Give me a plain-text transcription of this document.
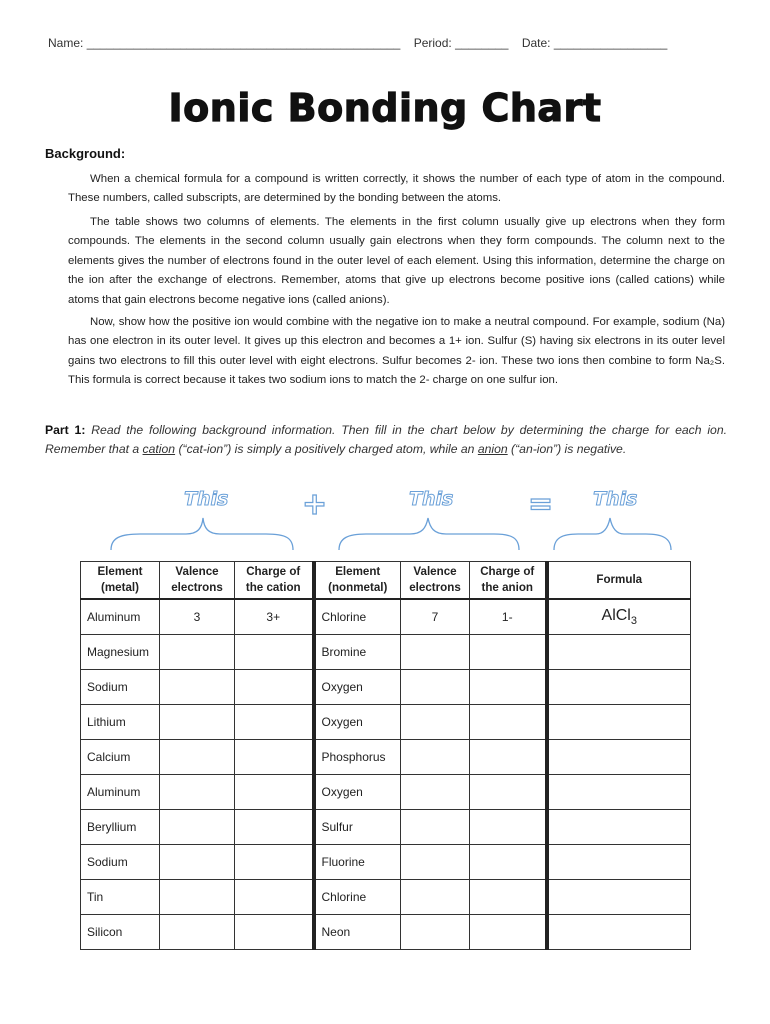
Name: _______________________________________________ Period: ________ Date: _________________
Ionic Bonding Chart
Background:
When a chemical formula for a compound is written correctly, it shows the number of each type of atom in the compound. These numbers, called subscripts, are determined by the bonding between the atoms.
The table shows two columns of elements. The elements in the first column usually give up electrons when they form compounds. The elements in the second column usually gain electrons when they form compounds. The column next to the elements gives the number of electrons found in the outer level of each element. Using this information, determine the charge on the ion after the exchange of electrons. Remember, atoms that give up electrons become positive ions (called cations) while atoms that gain electrons become negative ions (called anions).
Now, show how the positive ion would combine with the negative ion to make a neutral compound. For example, sodium (Na) has one electron in its outer level. It gives up this electron and becomes a 1+ ion. Sulfur (S) having six electrons in its outer level gains two electrons to fill this outer level with eight electrons. Sulfur becomes 2- ion. These two ions then combine to form Na₂S. This formula is correct because it takes two sodium ions to match the 2- charge on one sulfur ion.
Part 1: Read the following background information. Then fill in the chart below by determining the charge for each ion. Remember that a cation (“cat-ion”) is simply a positively charged atom, while an anion (“an-ion”) is negative.
This +	This = This
Element (metal)	Valence electrons	Charge of the cation	Element (nonmetal)	Valence electrons	Charge of the anion	Formula
Aluminum	3	3+	Chlorine	7	1-	AlCl$_3$
Magnesium			Bromine			
Sodium			Oxygen			
Lithium			Oxygen			
Calcium			Phosphorus			
Aluminum			Oxygen			
Beryllium			Sulfur			
Sodium			Fluorine			
Tin			Chlorine			
Silicon			Neon			
